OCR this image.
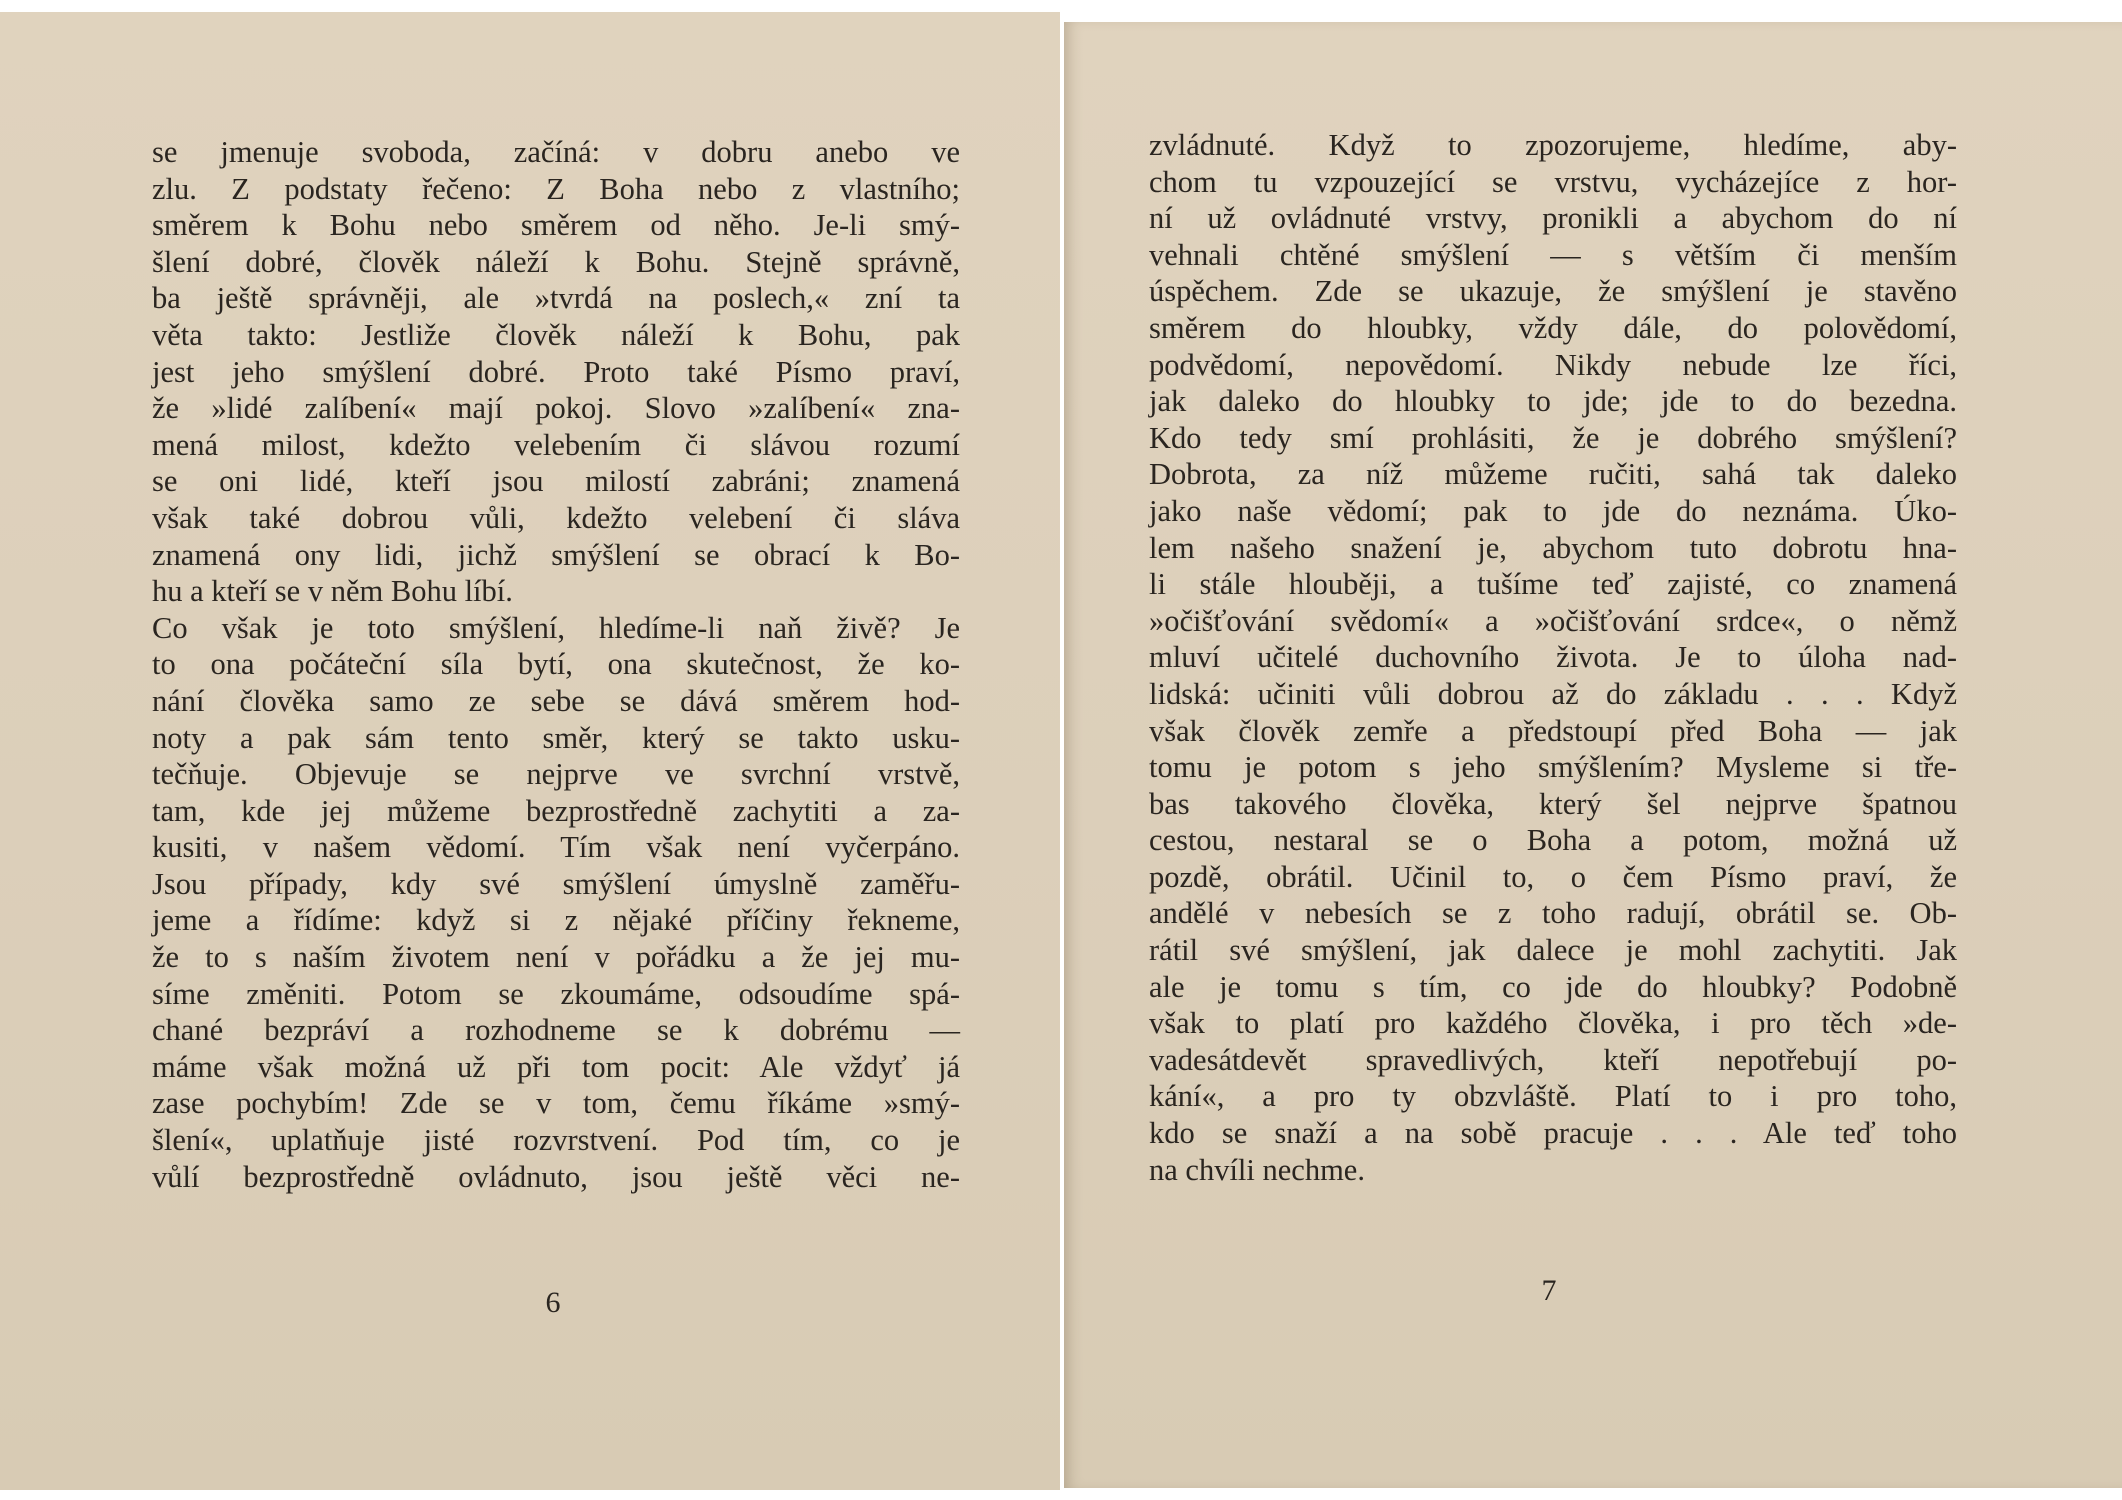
se jmenuje svoboda, začíná: v dobru anebo ve
zlu. Z podstaty řečeno: Z Boha nebo z vlastního;
směrem k Bohu nebo směrem od něho. Je-li smý-
šlení dobré, člověk náleží k Bohu. Stejně správně,
ba ještě správněji, ale »tvrdá na poslech,« zní ta
věta takto: Jestliže člověk náleží k Bohu, pak
jest jeho smýšlení dobré. Proto také Písmo praví,
že »lidé zalíbení« mají pokoj. Slovo »zalíbení« zna-
mená milost, kdežto velebením či slávou rozumí
se oni lidé, kteří jsou milostí zabráni; znamená
však také dobrou vůli, kdežto velebení či sláva
znamená ony lidi, jichž smýšlení se obrací k Bo-
hu a kteří se v něm Bohu líbí.
Co však je toto smýšlení, hledíme-li naň živě? Je
to ona počáteční síla bytí, ona skutečnost, že ko-
nání člověka samo ze sebe se dává směrem hod-
noty a pak sám tento směr, který se takto usku-
tečňuje. Objevuje se nejprve ve svrchní vrstvě,
tam, kde jej můžeme bezprostředně zachytiti a za-
kusiti, v našem vědomí. Tím však není vyčerpáno.
Jsou případy, kdy své smýšlení úmyslně zaměřu-
jeme a řídíme: když si z nějaké příčiny řekneme,
že to s naším životem není v pořádku a že jej mu-
síme změniti. Potom se zkoumáme, odsoudíme spá-
chané bezpráví a rozhodneme se k dobrému —
máme však možná už při tom pocit: Ale vždyť já
zase pochybím! Zde se v tom, čemu říkáme »smý-
šlení«, uplatňuje jisté rozvrstvení. Pod tím, co je
vůlí bezprostředně ovládnuto, jsou ještě věci ne-
6
zvládnuté. Když to zpozorujeme, hledíme, aby-
chom tu vzpouzející se vrstvu, vycházejíce z hor-
ní už ovládnuté vrstvy, pronikli a abychom do ní
vehnali chtěné smýšlení — s větším či menším
úspěchem. Zde se ukazuje, že smýšlení je stavěno
směrem do hloubky, vždy dále, do polovědomí,
podvědomí, nepovědomí. Nikdy nebude lze říci,
jak daleko do hloubky to jde; jde to do bezedna.
Kdo tedy smí prohlásiti, že je dobrého smýšlení?
Dobrota, za níž můžeme ručiti, sahá tak daleko
jako naše vědomí; pak to jde do neznáma. Úko-
lem našeho snažení je, abychom tuto dobrotu hna-
li stále hlouběji, a tušíme teď zajisté, co znamená
»očišťování svědomí« a »očišťování srdce«, o němž
mluví učitelé duchovního života. Je to úloha nad-
lidská: učiniti vůli dobrou až do základu . . . Když
však člověk zemře a předstoupí před Boha — jak
tomu je potom s jeho smýšlením? Mysleme si tře-
bas takového člověka, který šel nejprve špatnou
cestou, nestaral se o Boha a potom, možná už
pozdě, obrátil. Učinil to, o čem Písmo praví, že
andělé v nebesích se z toho radují, obrátil se. Ob-
rátil své smýšlení, jak dalece je mohl zachytiti. Jak
ale je tomu s tím, co jde do hloubky? Podobně
však to platí pro každého člověka, i pro těch »de-
vadesátdevět spravedlivých, kteří nepotřebují po-
kání«, a pro ty obzvláště. Platí to i pro toho,
kdo se snaží a na sobě pracuje . . . Ale teď toho
na chvíli nechme.
7
